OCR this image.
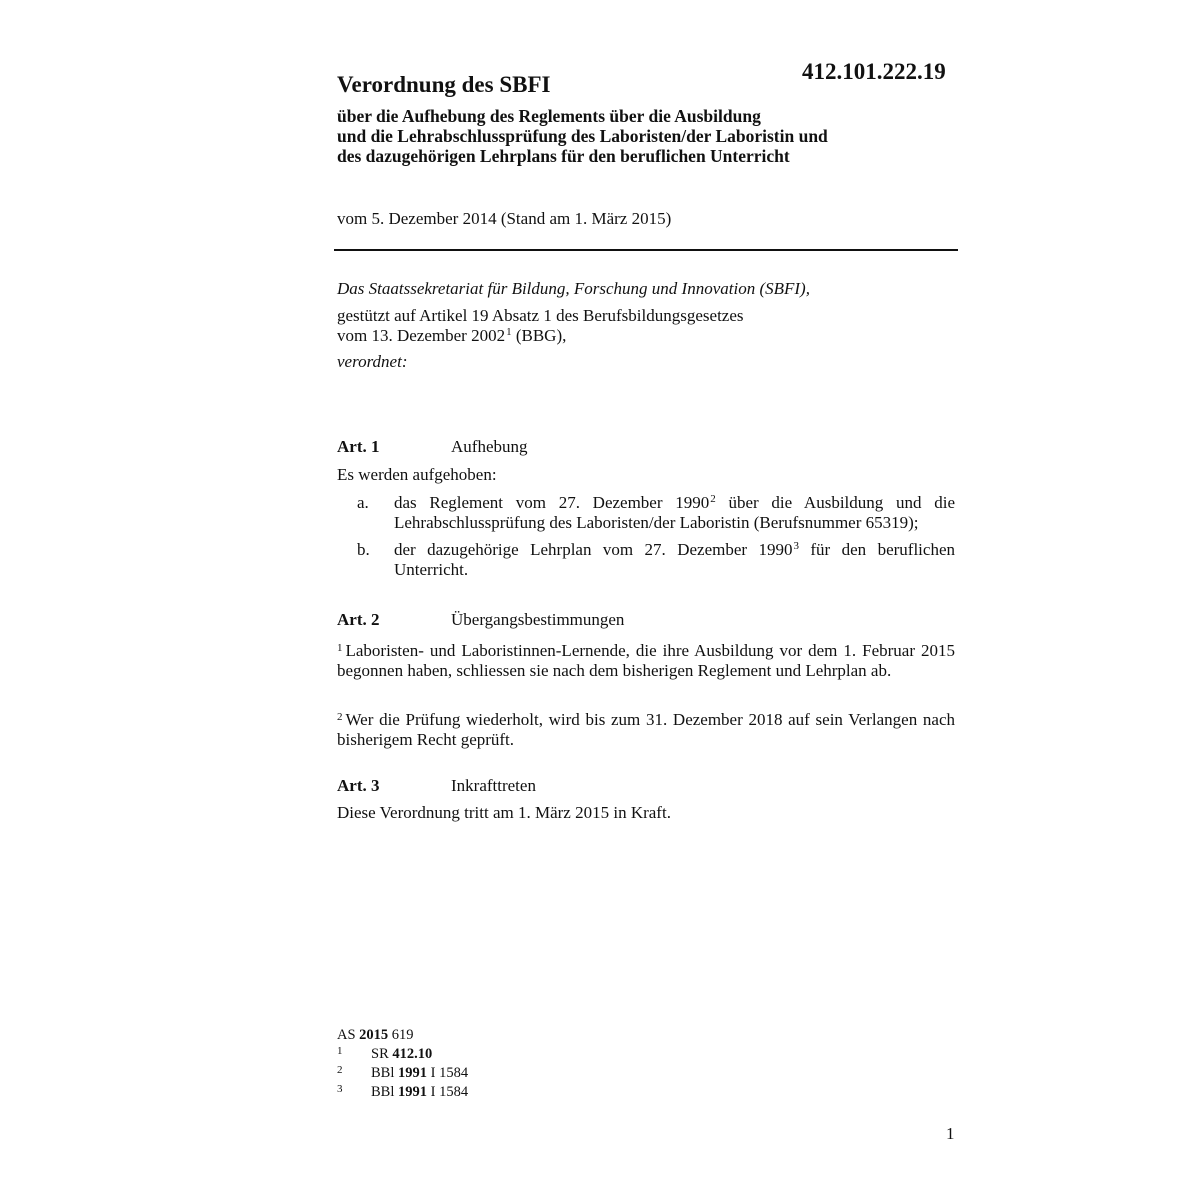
412.101.222.19
Verordnung des SBFI
über die Aufhebung des Reglements über die Ausbildung
und die Lehrabschlussprüfung des Laboristen/der Laboristin und
des dazugehörigen Lehrplans für den beruflichen Unterricht
vom 5. Dezember 2014 (Stand am 1. März 2015)
Das Staatssekretariat für Bildung, Forschung und Innovation (SBFI),
gestützt auf Artikel 19 Absatz 1 des Berufsbildungsgesetzes
vom 13. Dezember 2002$^1$ (BBG),
verordnet:
Art. 1	Aufhebung
Es werden aufgehoben:
a.	das Reglement vom 27. Dezember 1990$^2$ über die Ausbildung und die Lehrabschlussprüfung des Laboristen/der Laboristin (Berufsnummer 65319);
b.	der dazugehörige Lehrplan vom 27. Dezember 1990$^3$ für den beruflichen Unterricht.
Art. 2	Übergangsbestimmungen
$^1$ Laboristen- und Laboristinnen-Lernende, die ihre Ausbildung vor dem 1. Februar 2015 begonnen haben, schliessen sie nach dem bisherigen Reglement und Lehrplan ab.
$^2$ Wer die Prüfung wiederholt, wird bis zum 31. Dezember 2018 auf sein Verlangen nach bisherigem Recht geprüft.
Art. 3	Inkrafttreten
Diese Verordnung tritt am 1. März 2015 in Kraft.
AS 2015 619
1 SR 412.10
2 BBl 1991 I 1584
3 BBl 1991 I 1584
1
